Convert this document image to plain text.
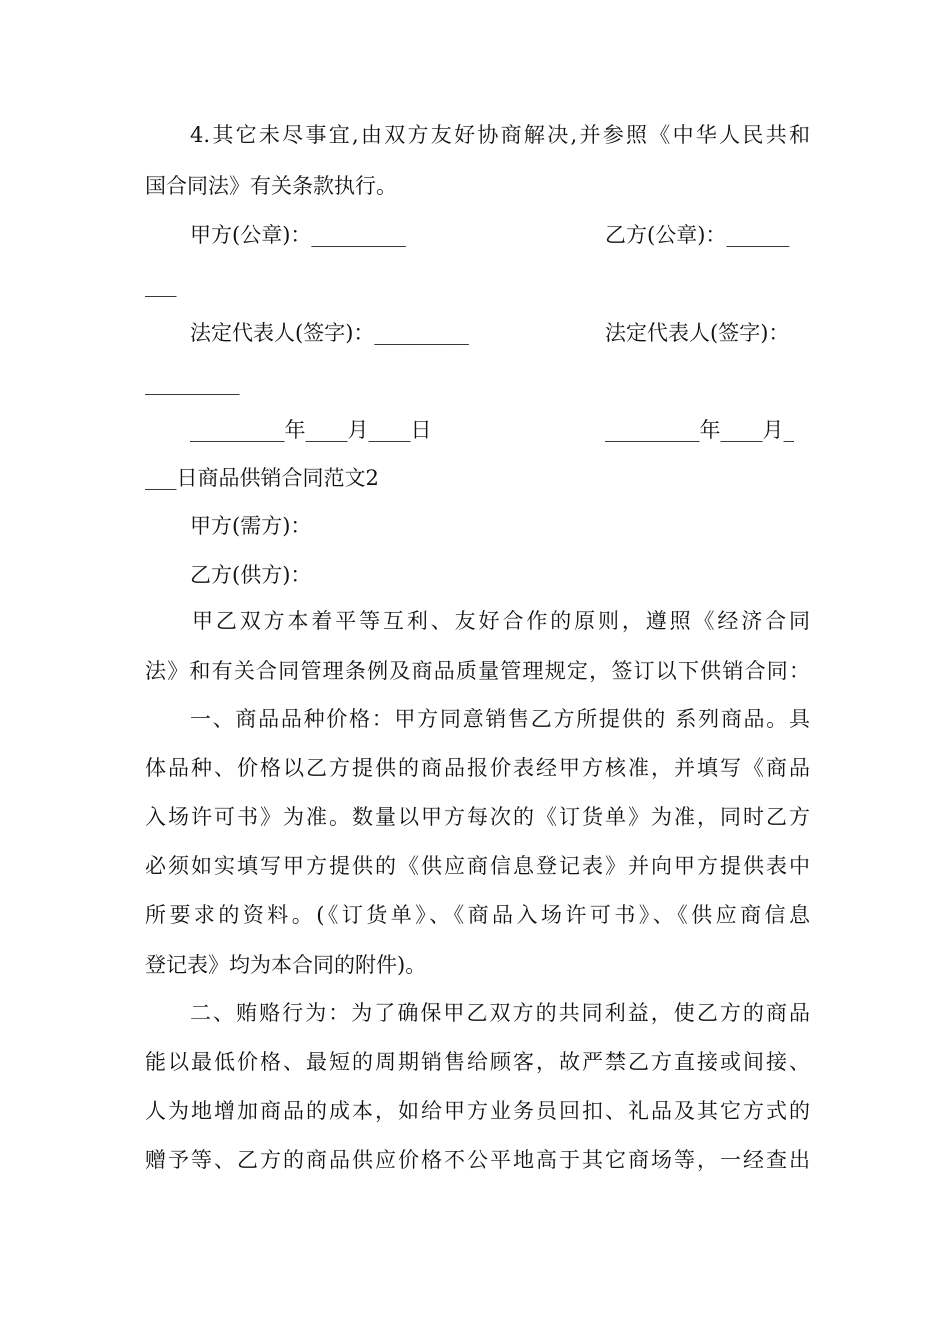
4.其它未尽事宜,由双方友好协商解决,并参照《中华人民共和
国合同法》有关条款执行。
甲方(公章)：_________	乙方(公章)：______
___
法定代表人(签字)：_________	法定代表人(签字)：
_________
_________年____月____日	_________年____月_
___日商品供销合同范文2
甲方(需方)：
乙方(供方)：
甲乙双方本着平等互利、友好合作的原则，遵照《经济合同
法》和有关合同管理条例及商品质量管理规定，签订以下供销合同：
一、商品品种价格：甲方同意销售乙方所提供的 系列商品。具
体品种、价格以乙方提供的商品报价表经甲方核准，并填写《商品
入场许可书》为准。数量以甲方每次的《订货单》为准，同时乙方
必须如实填写甲方提供的《供应商信息登记表》并向甲方提供表中
所要求的资料。(《订货单》、《商品入场许可书》、《供应商信息
登记表》均为本合同的附件)。
二、贿赂行为：为了确保甲乙双方的共同利益，使乙方的商品
能以最低价格、最短的周期销售给顾客，故严禁乙方直接或间接、
人为地增加商品的成本，如给甲方业务员回扣、礼品及其它方式的
赠予等、乙方的商品供应价格不公平地高于其它商场等，一经查出
